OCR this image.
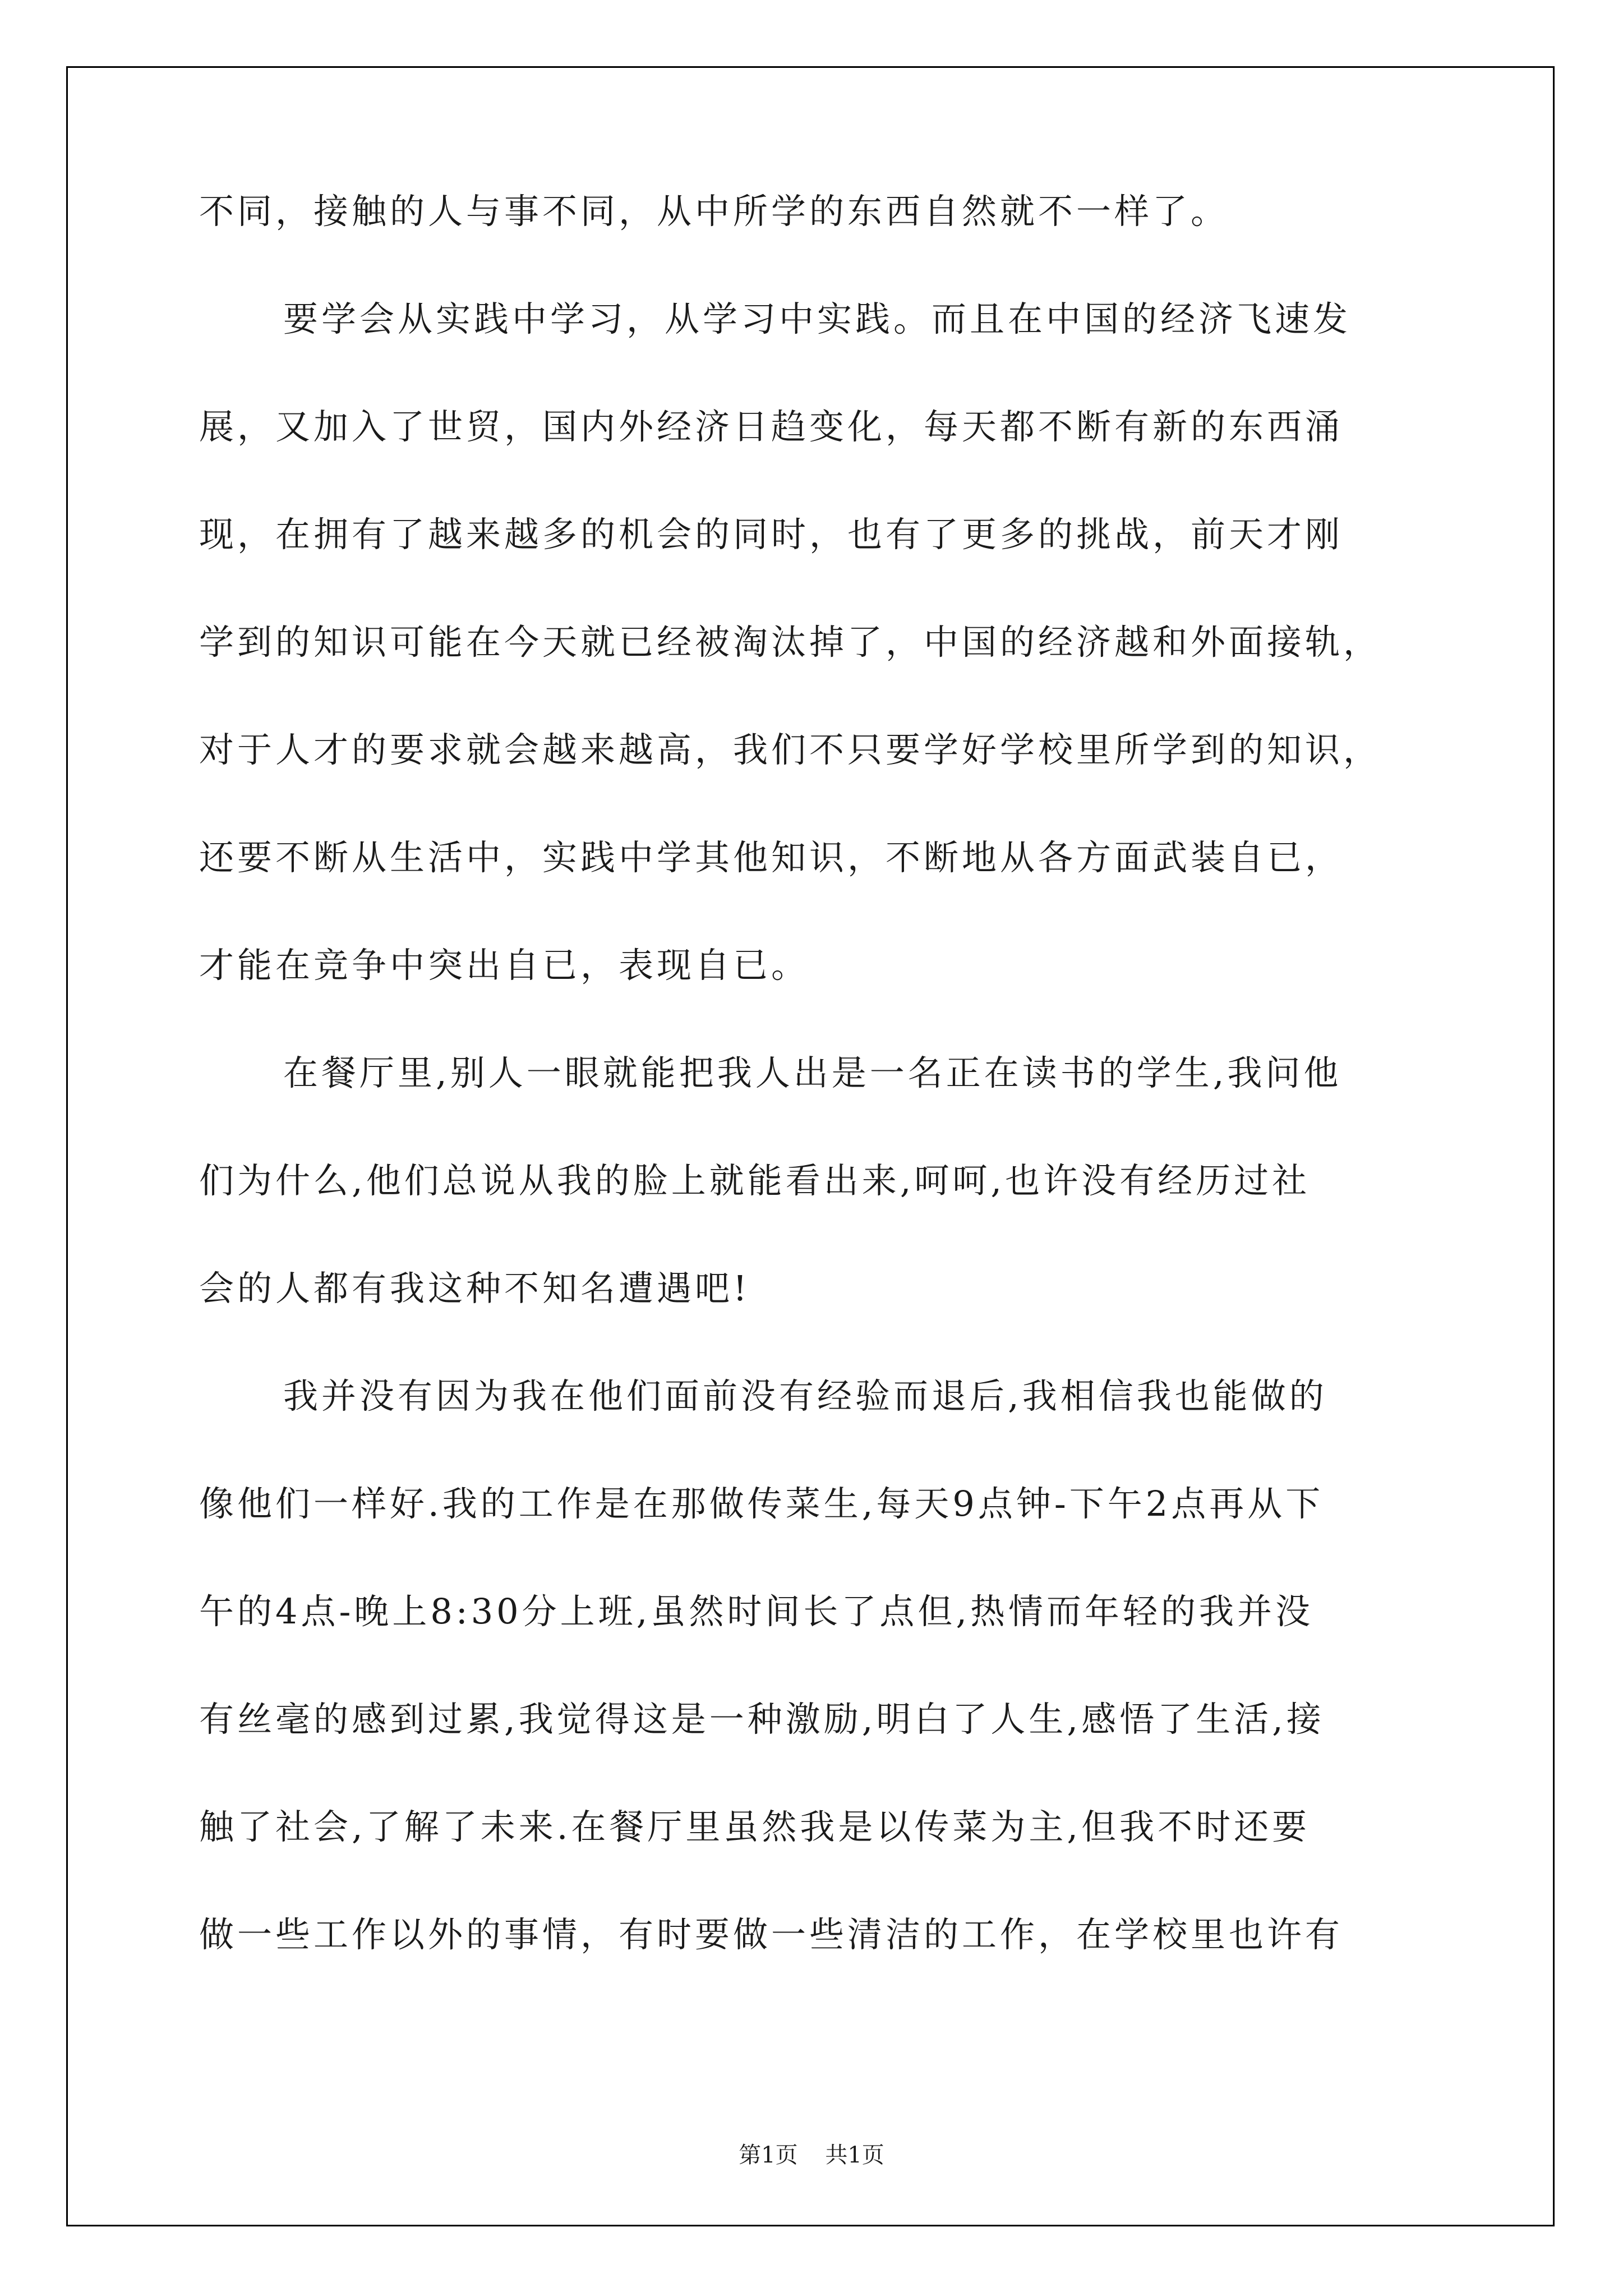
不同，接触的人与事不同，从中所学的东西自然就不一样了。
要学会从实践中学习，从学习中实践。而且在中国的经济飞速发
展，又加入了世贸，国内外经济日趋变化，每天都不断有新的东西涌
现，在拥有了越来越多的机会的同时，也有了更多的挑战，前天才刚
学到的知识可能在今天就已经被淘汰掉了，中国的经济越和外面接轨，
对于人才的要求就会越来越高，我们不只要学好学校里所学到的知识，
还要不断从生活中，实践中学其他知识，不断地从各方面武装自已，
才能在竞争中突出自已，表现自已。
在餐厅里,别人一眼就能把我人出是一名正在读书的学生,我问他
们为什么,他们总说从我的脸上就能看出来,呵呵,也许没有经历过社
会的人都有我这种不知名遭遇吧!
我并没有因为我在他们面前没有经验而退后,我相信我也能做的
像他们一样好.我的工作是在那做传菜生,每天9点钟-下午2点再从下
午的4点-晚上8:30分上班,虽然时间长了点但,热情而年轻的我并没
有丝毫的感到过累,我觉得这是一种激励,明白了人生,感悟了生活,接
触了社会,了解了未来.在餐厅里虽然我是以传菜为主,但我不时还要
做一些工作以外的事情，有时要做一些清洁的工作，在学校里也许有
第1页 共1页
